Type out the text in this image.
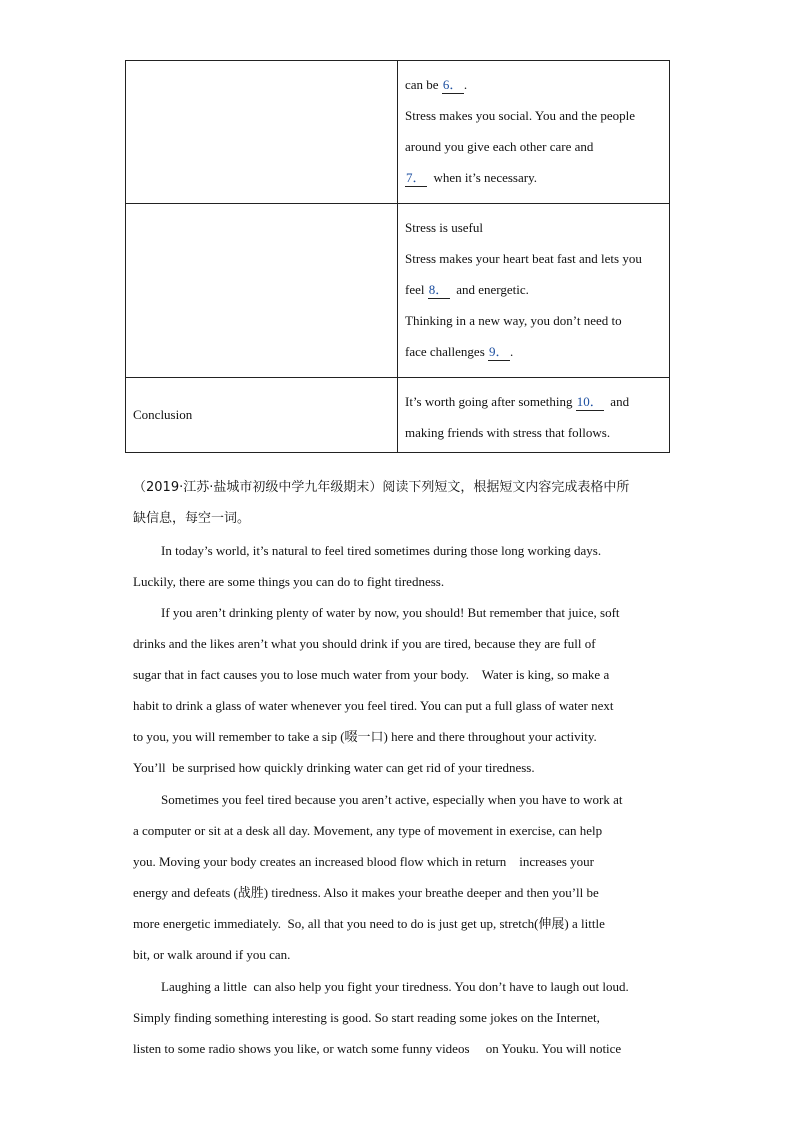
	can be 6．.
Stress makes you social. You and the people
around you give each other care and
7．  when it’s necessary.

	Stress is useful
Stress makes your heart beat fast and lets you
feel 8．  and energetic.
Thinking in a new way, you don’t need to
face challenges 9．.

Conclusion	It’s worth going after something 10．  and
making friends with stress that follows.
（2019·江苏·盐城市初级中学九年级期末）阅读下列短文，根据短文内容完成表格中所
缺信息，每空一词。
In today’s world, it’s natural to feel tired sometimes during those long working days.
Luckily, there are some things you can do to fight tiredness.
If you aren’t drinking plenty of water by now, you should! But remember that juice, soft
drinks and the likes aren’t what you should drink if you are tired, because they are full of
sugar that in fact causes you to lose much water from your body.    Water is king, so make a
habit to drink a glass of water whenever you feel tired. You can put a full glass of water next
to you, you will remember to take a sip (啜一口) here and there throughout your activity.
You’ll  be surprised how quickly drinking water can get rid of your tiredness.
Sometimes you feel tired because you aren’t active, especially when you have to work at
a computer or sit at a desk all day. Movement, any type of movement in exercise, can help
you. Moving your body creates an increased blood flow which in return    increases your
energy and defeats (战胜) tiredness. Also it makes your breathe deeper and then you’ll be
more energetic immediately.  So, all that you need to do is just get up, stretch(伸展) a little
bit, or walk around if you can.
Laughing a little  can also help you fight your tiredness. You don’t have to laugh out loud.
Simply finding something interesting is good. So start reading some jokes on the Internet,
listen to some radio shows you like, or watch some funny videos     on Youku. You will notice
